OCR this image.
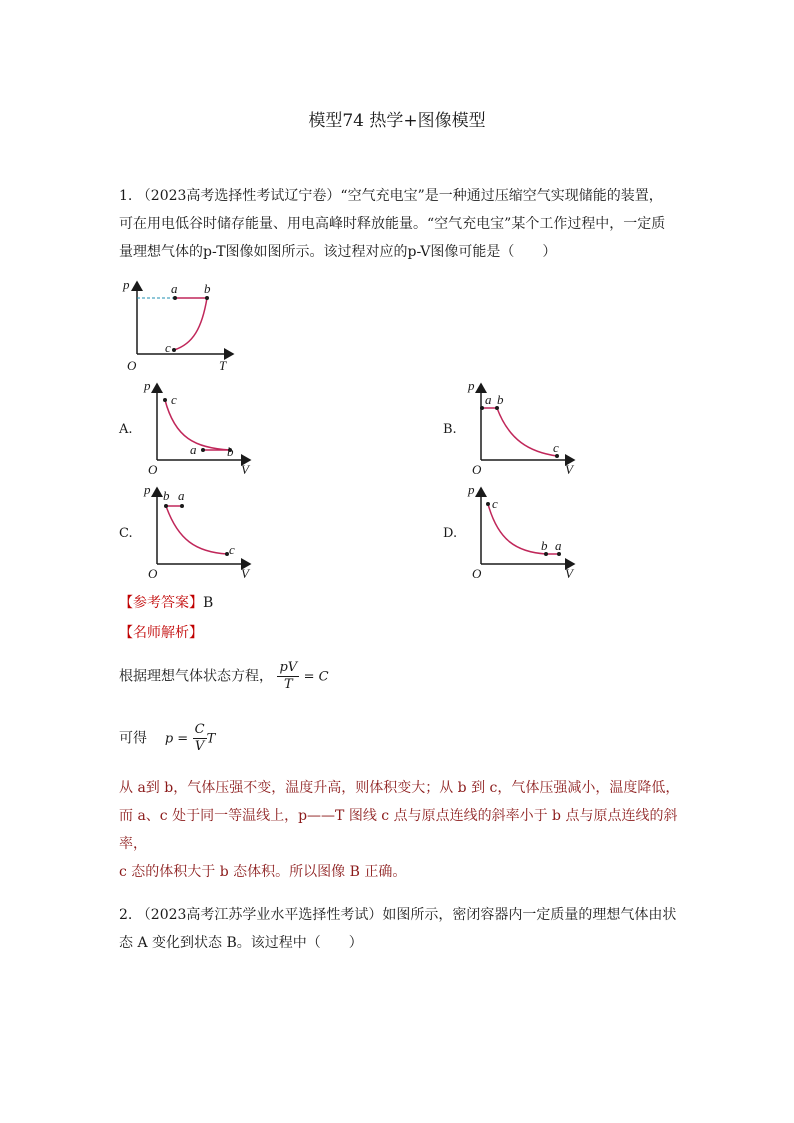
模型74 热学+图像模型
1. （2023高考选择性考试辽宁卷）“空气充电宝”是一种通过压缩空气实现储能的装置，
可在用电低谷时储存能量、用电高峰时释放能量。“空气充电宝”某个工作过程中，一定质
量理想气体的p-T图像如图所示。该过程对应的p-V图像可能是（　　）
p	a b
c
O	T
A.
p
c
a b
O	V
B.
p
a b
c
O	V
C.
p b a
c
O	V
D.
c
p
b a
O	V
【参考答案】B
【名师解析】
根据理想气体状态方程， $\frac{pV}{T} = C$
可得 $p = \frac{C}{V}$ T
从 a到 b，气体压强不变，温度升高，则体积变大；从 b 到 c，气体压强减小，温度降低，
而 a、c 处于同一等温线上，p——T 图线 c 点与原点连线的斜率小于 b 点与原点连线的斜率，
c 态的体积大于 b 态体积。所以图像 B 正确。
2. （2023高考江苏学业水平选择性考试）如图所示，密闭容器内一定质量的理想气体由状
态 A 变化到状态 B。该过程中（　　）
